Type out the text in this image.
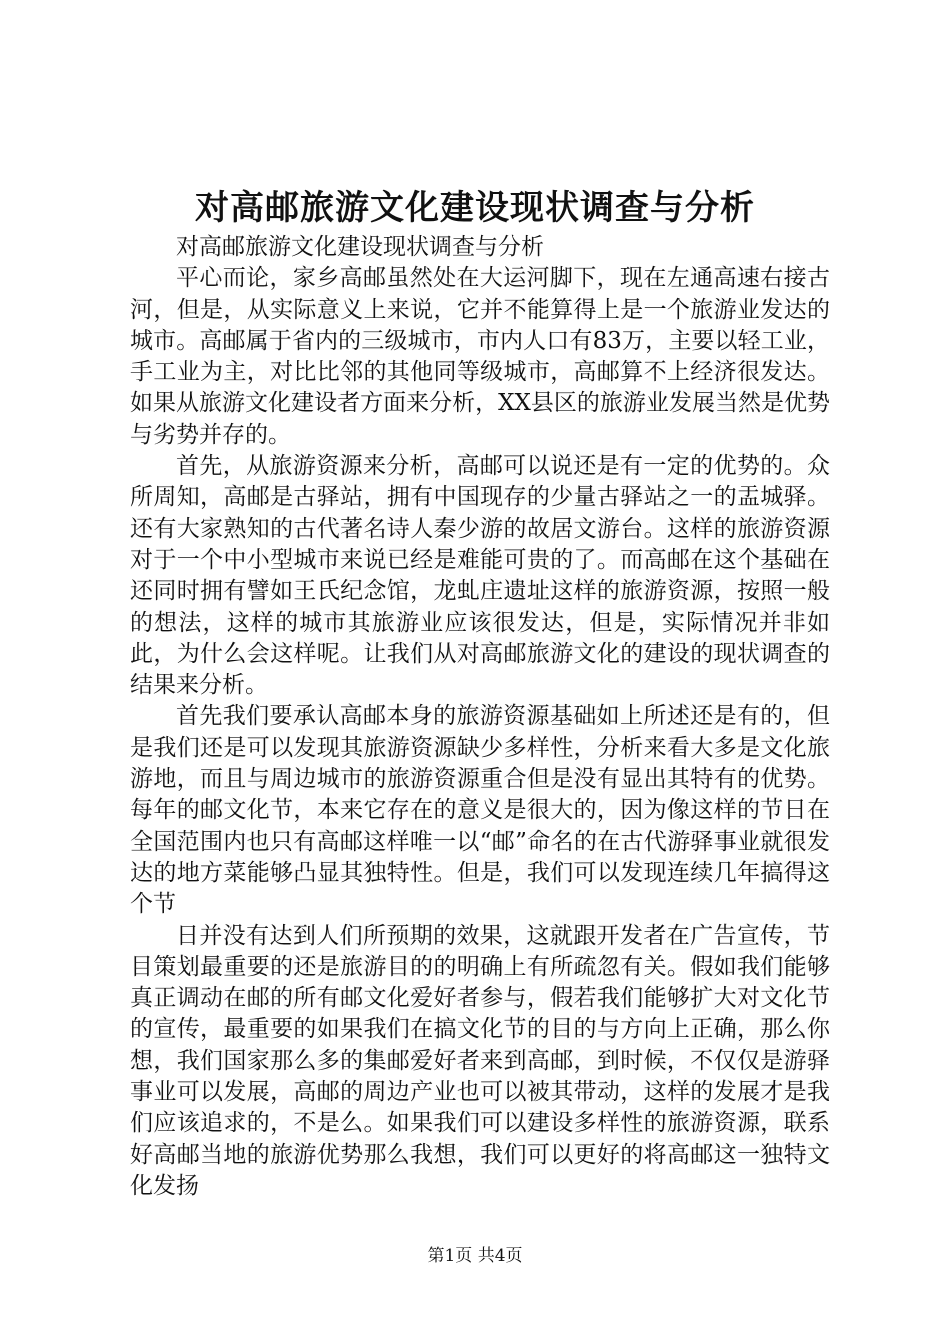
对高邮旅游文化建设现状调查与分析
对高邮旅游文化建设现状调查与分析

平心而论，家乡高邮虽然处在大运河脚下，现在左通高速右接古河，但是，从实际意义上来说，它并不能算得上是一个旅游业发达的城市。高邮属于省内的三级城市，市内人口有83万，主要以轻工业，手工业为主，对比比邻的其他同等级城市，高邮算不上经济很发达。如果从旅游文化建设者方面来分析，XX县区的旅游业发展当然是优势与劣势并存的。

首先，从旅游资源来分析，高邮可以说还是有一定的优势的。众所周知，高邮是古驿站，拥有中国现存的少量古驿站之一的盂城驿。还有大家熟知的古代著名诗人秦少游的故居文游台。这样的旅游资源对于一个中小型城市来说已经是难能可贵的了。而高邮在这个基础在还同时拥有譬如王氏纪念馆，龙虬庄遗址这样的旅游资源，按照一般的想法，这样的城市其旅游业应该很发达，但是，实际情况并非如此，为什么会这样呢。让我们从对高邮旅游文化的建设的现状调查的结果来分析。

首先我们要承认高邮本身的旅游资源基础如上所述还是有的，但是我们还是可以发现其旅游资源缺少多样性，分析来看大多是文化旅游地，而且与周边城市的旅游资源重合但是没有显出其特有的优势。每年的邮文化节，本来它存在的意义是很大的，因为像这样的节日在全国范围内也只有高邮这样唯一以“邮”命名的在古代游驿事业就很发达的地方菜能够凸显其独特性。但是，我们可以发现连续几年搞得这个节

日并没有达到人们所预期的效果，这就跟开发者在广告宣传，节目策划最重要的还是旅游目的的明确上有所疏忽有关。假如我们能够真正调动在邮的所有邮文化爱好者参与，假若我们能够扩大对文化节的宣传，最重要的如果我们在搞文化节的目的与方向上正确，那么你想，我们国家那么多的集邮爱好者来到高邮，到时候，不仅仅是游驿事业可以发展，高邮的周边产业也可以被其带动，这样的发展才是我们应该追求的，不是么。如果我们可以建设多样性的旅游资源，联系好高邮当地的旅游优势那么我想，我们可以更好的将高邮这一独特文化发扬

第1页 共4页
